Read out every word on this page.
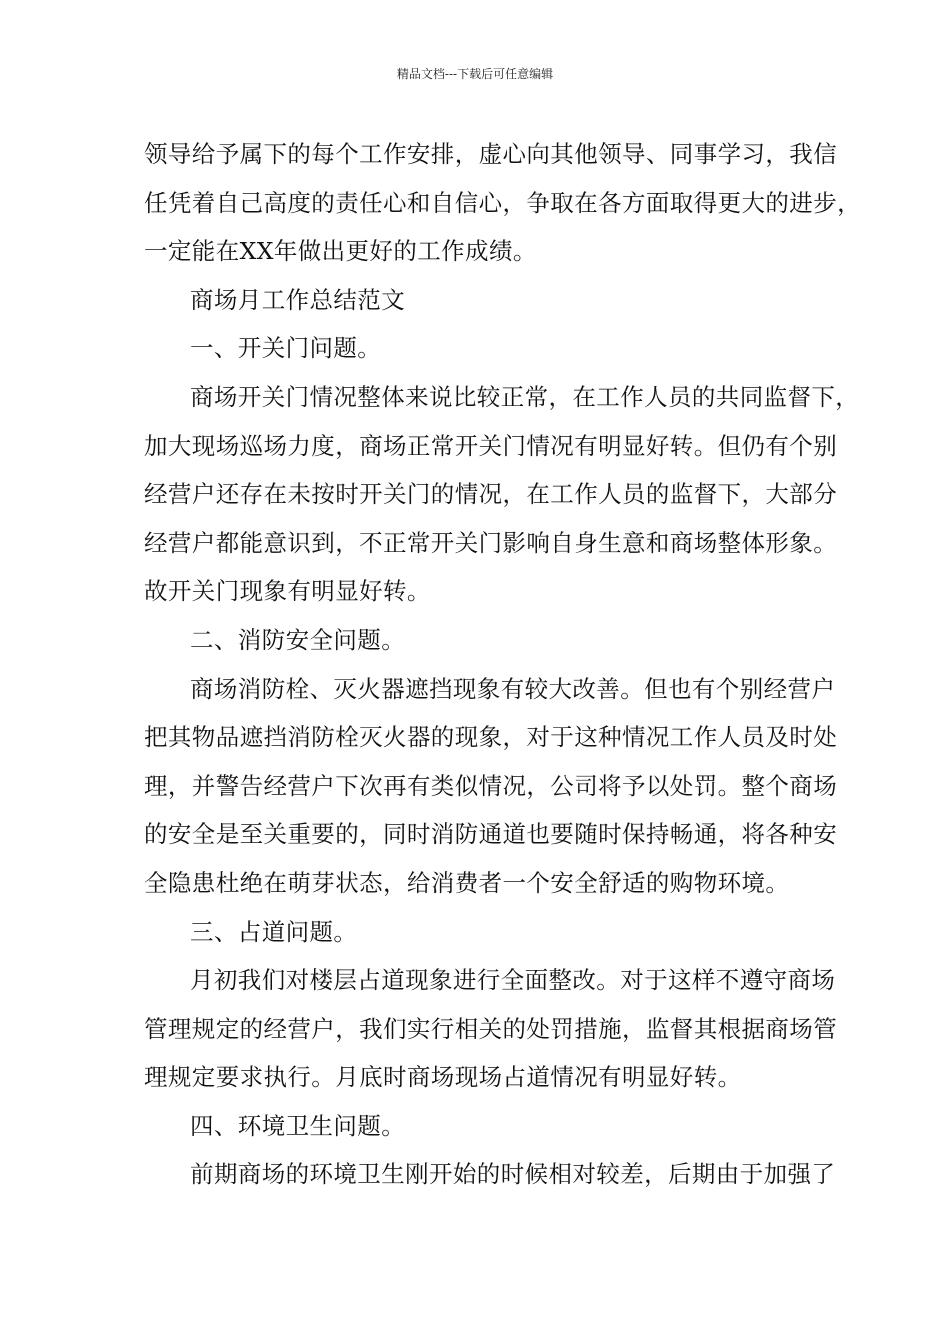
精品文档---下载后可任意编辑
领导给予属下的每个工作安排，虚心向其他领导、同事学习，我信
任凭着自己高度的责任心和自信心，争取在各方面取得更大的进步，
一定能在XX年做出更好的工作成绩。
商场月工作总结范文
一、开关门问题。
商场开关门情况整体来说比较正常，在工作人员的共同监督下，
加大现场巡场力度，商场正常开关门情况有明显好转。但仍有个别
经营户还存在未按时开关门的情况，在工作人员的监督下，大部分
经营户都能意识到，不正常开关门影响自身生意和商场整体形象。
故开关门现象有明显好转。
二、消防安全问题。
商场消防栓、灭火器遮挡现象有较大改善。但也有个别经营户
把其物品遮挡消防栓灭火器的现象，对于这种情况工作人员及时处
理，并警告经营户下次再有类似情况，公司将予以处罚。整个商场
的安全是至关重要的，同时消防通道也要随时保持畅通，将各种安
全隐患杜绝在萌芽状态，给消费者一个安全舒适的购物环境。
三、占道问题。
月初我们对楼层占道现象进行全面整改。对于这样不遵守商场
管理规定的经营户，我们实行相关的处罚措施，监督其根据商场管
理规定要求执行。月底时商场现场占道情况有明显好转。
四、环境卫生问题。
前期商场的环境卫生刚开始的时候相对较差，后期由于加强了
